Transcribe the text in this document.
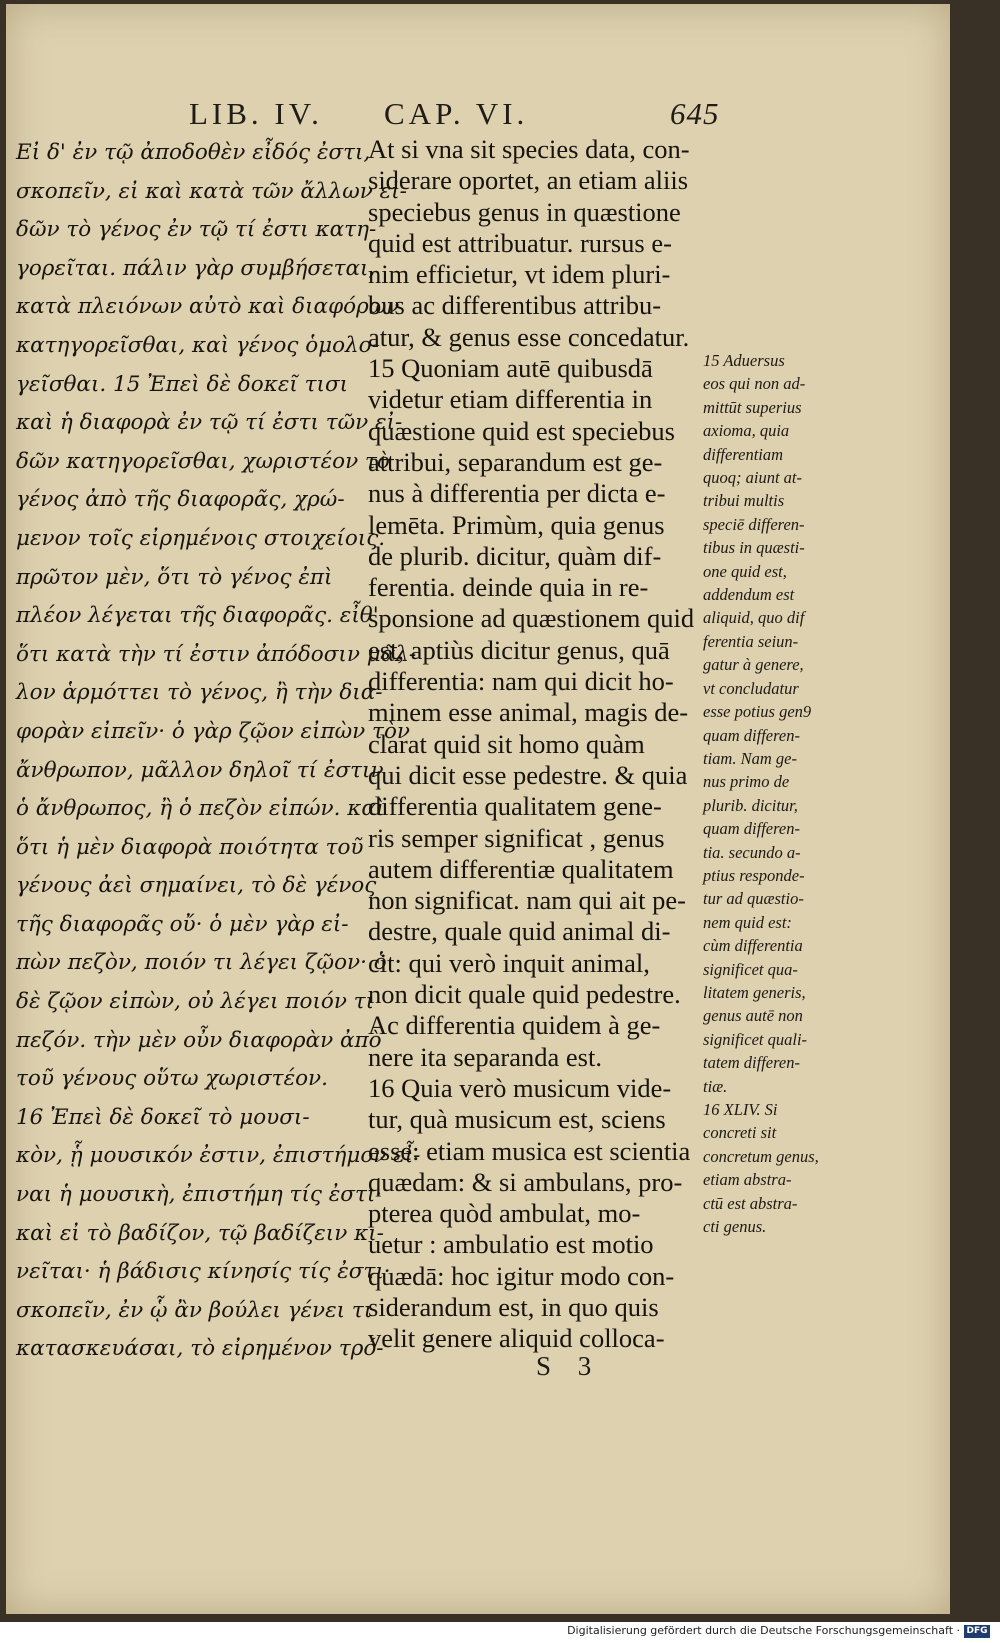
LIB. IV. CAP. VI.	645
Εἰ δ' ἐν τῷ ἀποδοθὲν εἶδός ἐστι,
σκοπεῖν, εἰ καὶ κατὰ τῶν ἄλλων εἰ-
δῶν τὸ γένος ἐν τῷ τί ἐστι κατη-
γορεῖται. πάλιν γὰρ συμβήσεται,
κατὰ πλειόνων αὐτὸ καὶ διαφόρων
κατηγορεῖσθαι, καὶ γένος ὁμολο-
γεῖσθαι. 15 Ἐπεὶ δὲ δοκεῖ τισι
καὶ ἡ διαφορὰ ἐν τῷ τί ἐστι τῶν εἰ-
δῶν κατηγορεῖσθαι, χωριστέον τὸ
γένος ἀπὸ τῆς διαφορᾶς, χρώ-
μενον τοῖς εἰρημένοις στοιχείοις.
πρῶτον μὲν, ὅτι τὸ γένος ἐπὶ
πλέον λέγεται τῆς διαφορᾶς. εἶθ'
ὅτι κατὰ τὴν τί ἐστιν ἀπόδοσιν μᾶλ-
λον ἁρμόττει τὸ γένος, ἢ τὴν δια-
φορὰν εἰπεῖν· ὁ γὰρ ζῷον εἰπὼν τὸν
ἄνθρωπον, μᾶλλον δηλοῖ τί ἐστιν
ὁ ἄνθρωπος, ἢ ὁ πεζὸν εἰπών. καὶ
ὅτι ἡ μὲν διαφορὰ ποιότητα τοῦ
γένους ἀεὶ σημαίνει, τὸ δὲ γένος
τῆς διαφορᾶς οὔ· ὁ μὲν γὰρ εἰ-
πὼν πεζὸν, ποιόν τι λέγει ζῷον· ὁ
δὲ ζῷον εἰπὼν, οὐ λέγει ποιόν τι
πεζόν. τὴν μὲν οὖν διαφορὰν ἀπὸ
τοῦ γένους οὕτω χωριστέον.
16 Ἐπεὶ δὲ δοκεῖ τὸ μουσι-
κὸν, ᾗ μουσικόν ἐστιν, ἐπιστήμον εἶ-
ναι ἡ μουσικὴ, ἐπιστήμη τίς ἐστι·
καὶ εἰ τὸ βαδίζον, τῷ βαδίζειν κι-
νεῖται· ἡ βάδισις κίνησίς τίς ἐστι·
σκοπεῖν, ἐν ᾧ ἂν βούλει γένει τι
κατασκευάσαι, τὸ εἰρημένον τρό-
At si vna sit species data, con-
siderare oportet, an etiam aliis
speciebus genus in quæstione
quid est attribuatur. rursus e-
nim efficietur, vt idem pluri-
bus ac differentibus attribu-
atur, & genus esse concedatur.
15 Quoniam autē quibusdā
videtur etiam differentia in
quæstione quid est speciebus
attribui, separandum est ge-
nus à differentia per dicta e-
lemēta. Primùm, quia genus
de plurib. dicitur, quàm dif-
ferentia. deinde quia in re-
sponsione ad quæstionem quid
est, aptiùs dicitur genus, quā
differentia: nam qui dicit ho-
minem esse animal, magis de-
clarat quid sit homo quàm
qui dicit esse pedestre. & quia
differentia qualitatem gene-
ris semper significat , genus
autem differentiæ qualitatem
non significat. nam qui ait pe-
destre, quale quid animal di-
cit: qui verò inquit animal,
non dicit quale quid pedestre.
Ac differentia quidem à ge-
nere ita separanda est.
16 Quia verò musicum vide-
tur, quà musicum est, sciens
esse: etiam musica est scientia
quædam: & si ambulans, pro-
pterea quòd ambulat, mo-
uetur : ambulatio est motio
quædā: hoc igitur modo con-
siderandum est, in quo quis
velit genere aliquid colloca-
15 Aduersus
eos qui non ad-
mittūt superius
axioma, quia
differentiam
quoq; aiunt at-
tribui multis
speciē differen-
tibus in quæsti-
one quid est,
addendum est
aliquid, quo dif
ferentia seiun-
gatur à genere,
vt concludatur
esse potius gen9
quam differen-
tiam. Nam ge-
nus primo de
plurib. dicitur,
quam differen-
tia. secundo a-
ptius responde-
tur ad quæstio-
nem quid est:
cùm differentia
significet qua-
litatem generis,
genus autē non
significet quali-
tatem differen-
tiæ.
16 XLIV. Si
concreti sit
concretum genus,
etiam abstra-
ctū est abstra-
cti genus.
S 3
Digitalisierung gefördert durch die Deutsche Forschungsgemeinschaft · DFG
